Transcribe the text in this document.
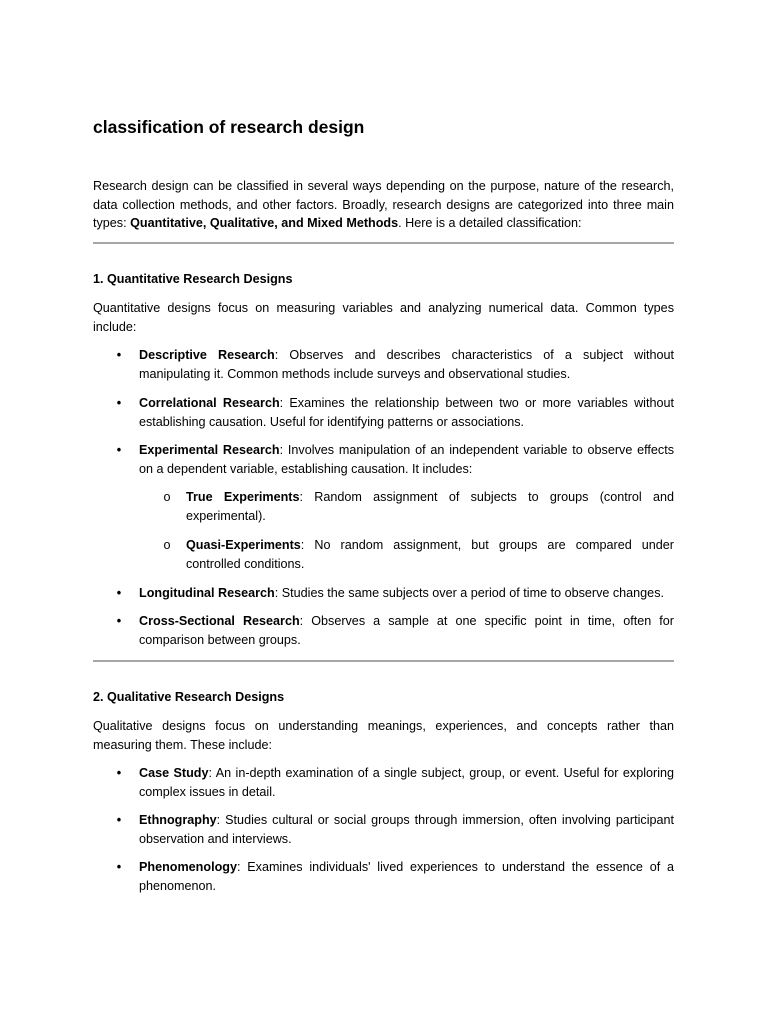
classification of research design

Research design can be classified in several ways depending on the purpose, nature of the research, data collection methods, and other factors. Broadly, research designs are categorized into three main types: Quantitative, Qualitative, and Mixed Methods. Here is a detailed classification:

1. Quantitative Research Designs

Quantitative designs focus on measuring variables and analyzing numerical data. Common types include:

• Descriptive Research: Observes and describes characteristics of a subject without manipulating it. Common methods include surveys and observational studies.

• Correlational Research: Examines the relationship between two or more variables without establishing causation. Useful for identifying patterns or associations.

• Experimental Research: Involves manipulation of an independent variable to observe effects on a dependent variable, establishing causation. It includes:

o True Experiments: Random assignment of subjects to groups (control and experimental).

o Quasi-Experiments: No random assignment, but groups are compared under controlled conditions.

• Longitudinal Research: Studies the same subjects over a period of time to observe changes.

• Cross-Sectional Research: Observes a sample at one specific point in time, often for comparison between groups.

2. Qualitative Research Designs

Qualitative designs focus on understanding meanings, experiences, and concepts rather than measuring them. These include:

• Case Study: An in-depth examination of a single subject, group, or event. Useful for exploring complex issues in detail.

• Ethnography: Studies cultural or social groups through immersion, often involving participant observation and interviews.

• Phenomenology: Examines individuals' lived experiences to understand the essence of a phenomenon.
